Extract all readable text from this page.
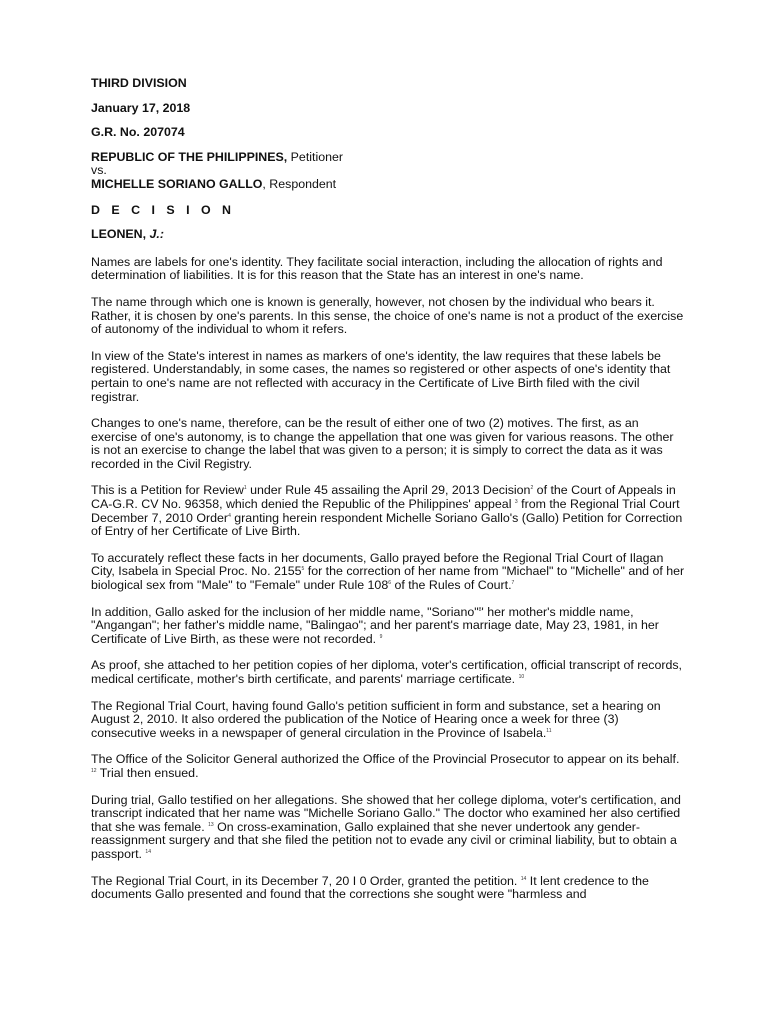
THIRD DIVISION
January 17, 2018
G.R. No. 207074
REPUBLIC OF THE PHILIPPINES, Petitioner
vs.
MICHELLE SORIANO GALLO, Respondent
D E C I S I O N
LEONEN, J.:

Names are labels for one's identity. They facilitate social interaction, including the allocation of rights and determination of liabilities. It is for this reason that the State has an interest in one's name.

The name through which one is known is generally, however, not chosen by the individual who bears it. Rather, it is chosen by one's parents. In this sense, the choice of one's name is not a product of the exercise of autonomy of the individual to whom it refers.

In view of the State's interest in names as markers of one's identity, the law requires that these labels be registered. Understandably, in some cases, the names so registered or other aspects of one's identity that pertain to one's name are not reflected with accuracy in the Certificate of Live Birth filed with the civil registrar.

Changes to one's name, therefore, can be the result of either one of two (2) motives. The first, as an exercise of one's autonomy, is to change the appellation that one was given for various reasons. The other is not an exercise to change the label that was given to a person; it is simply to correct the data as it was recorded in the Civil Registry.

This is a Petition for Review$^1$ under Rule 45 assailing the April 29, 2013 Decision$^2$ of the Court of Appeals in CA-G.R. CV No. 96358, which denied the Republic of the Philippines' appeal $^3$ from the Regional Trial Court December 7, 2010 Order$^4$ granting herein respondent Michelle Soriano Gallo's (Gallo) Petition for Correction of Entry of her Certificate of Live Birth.

To accurately reflect these facts in her documents, Gallo prayed before the Regional Trial Court of Ilagan City, Isabela in Special Proc. No. 2155$^5$ for the correction of her name from "Michael" to "Michelle" and of her biological sex from "Male" to "Female" under Rule 108$^6$ of the Rules of Court.$^7$

In addition, Gallo asked for the inclusion of her middle name, "Soriano"$^8$' her mother's middle name, "Angangan"; her father's middle name, "Balingao"; and her parent's marriage date, May 23, 1981, in her Certificate of Live Birth, as these were not recorded. $^9$

As proof, she attached to her petition copies of her diploma, voter's certification, official transcript of records, medical certificate, mother's birth certificate, and parents' marriage certificate. $^{10}$

The Regional Trial Court, having found Gallo's petition sufficient in form and substance, set a hearing on August 2, 2010. It also ordered the publication of the Notice of Hearing once a week for three (3) consecutive weeks in a newspaper of general circulation in the Province of Isabela.$^{11}$

The Office of the Solicitor General authorized the Office of the Provincial Prosecutor to appear on its behalf. $^{12}$ Trial then ensued.

During trial, Gallo testified on her allegations. She showed that her college diploma, voter's certification, and transcript indicated that her name was "Michelle Soriano Gallo." The doctor who examined her also certified that she was female. $^{13}$ On cross-examination, Gallo explained that she never undertook any gender-reassignment surgery and that she filed the petition not to evade any civil or criminal liability, but to obtain a passport. $^{14}$

The Regional Trial Court, in its December 7, 20 I 0 Order, granted the petition. $^{14}$ It lent credence to the documents Gallo presented and found that the corrections she sought were "harmless and
